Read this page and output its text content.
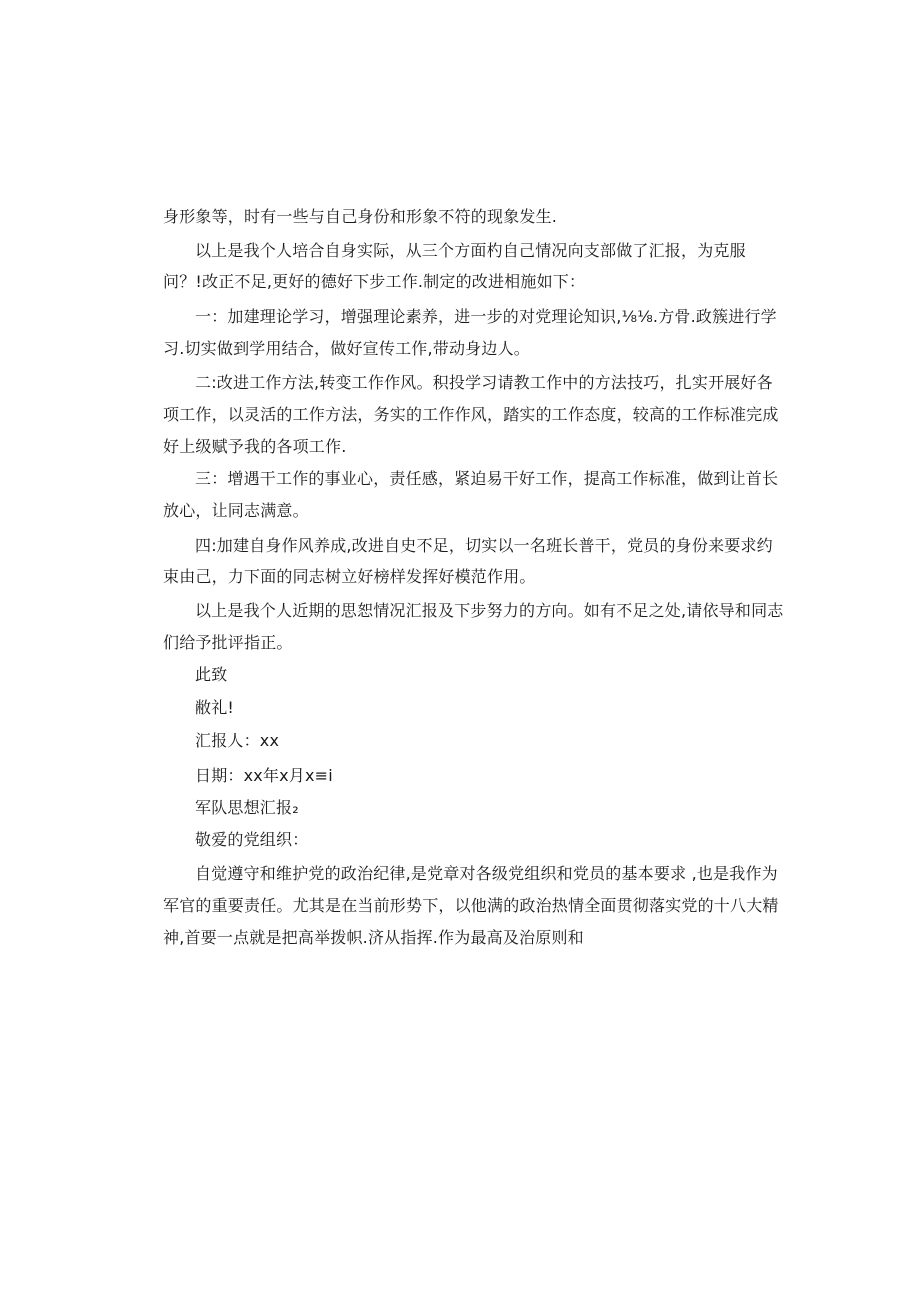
身形象等，时有一些与自己身份和形象不符的现象发生.
以上是我个人培合自身实际，从三个方面杓自己情况向支部做了汇报，为克服
问？!改正不足,更好的德好下步工作.制定的改进相施如下：
一：加建理论学习，增强理论素养，进一步的对党理论知识,⅛⅛.方骨.政簇进行学
习.切实做到学用结合，做好宣传工作,带动身边人。
二:改进工作方法,转变工作作风。积投学习请教工作中的方法技巧，扎实开展好各
项工作，以灵活的工作方法，务实的工作作风，踏实的工作态度，较高的工作标准完成
好上级赋予我的各项工作.
三：增遇干工作的事业心，责任感，紧迫易干好工作，提高工作标准，做到让首长
放心，让同志满意。
四:加建自身作风养成,改进自史不足，切实以一名班长普干，党员的身份来要求约
束由己，力下面的同志树立好榜样发挥好模范作用。
以上是我个人近期的思恕情况汇报及下步努力的方向。如有不足之处,请依导和同志
们给予批评指正。
此致
敝礼!
汇报人：xx
日期：xx年x月x≡i
军队思想汇报₂
敬爱的党组织：
自觉遵守和维护党的政治纪律,是党章对各级党组织和党员的基本要求 ,也是我作为
军官的重要责任。尤其是在当前形势下，以他满的政治热情全面贯彻落实党的十八大精
神,首要一点就是把高举拨帜.济从指挥.作为最高及治原则和
